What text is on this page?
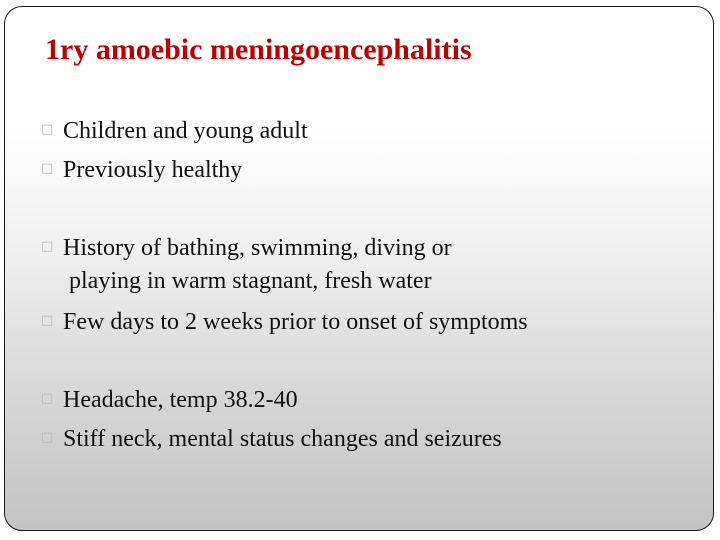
1ry amoebic meningoencephalitis
□ Children and young adult
□ Previously healthy
□ History of bathing, swimming, diving or
playing in warm stagnant, fresh water
□ Few days to 2 weeks prior to onset of symptoms
□ Headache, temp 38.2-40
□ Stiff neck, mental status changes and seizures
